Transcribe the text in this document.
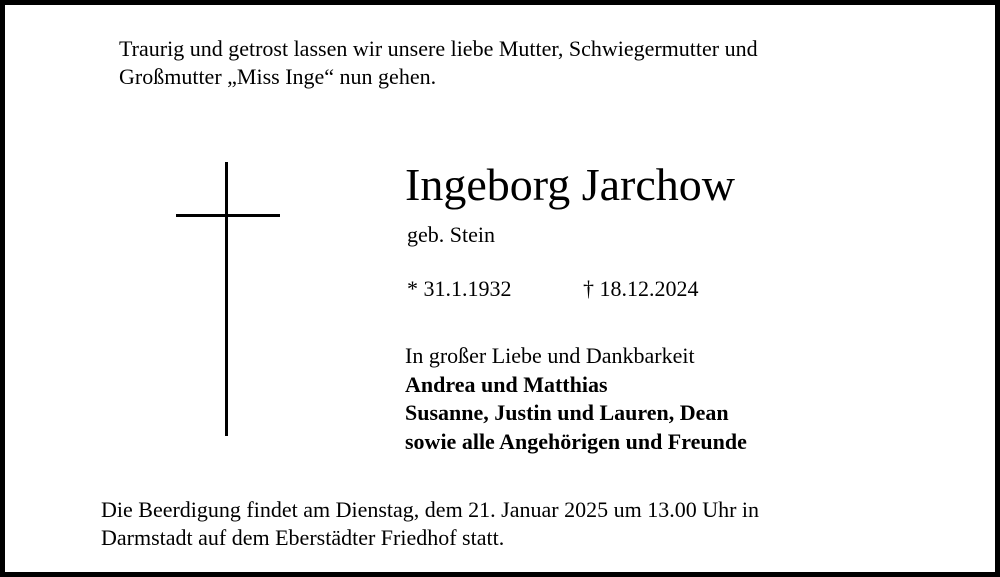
Traurig und getrost lassen wir unsere liebe Mutter, Schwiegermutter und
Großmutter „Miss Inge“ nun gehen.
Ingeborg Jarchow
geb. Stein
* 31.1.1932	† 18.12.2024
In großer Liebe und Dankbarkeit
Andrea und Matthias
Susanne, Justin und Lauren, Dean
sowie alle Angehörigen und Freunde
Die Beerdigung findet am Dienstag, dem 21. Januar 2025 um 13.00 Uhr in
Darmstadt auf dem Eberstädter Friedhof statt.
